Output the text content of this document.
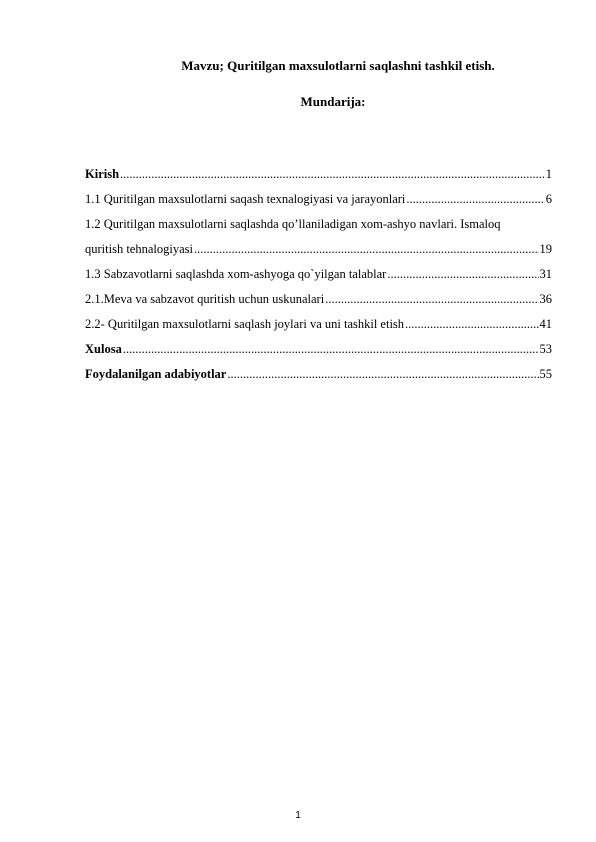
Mavzu; Quritilgan maxsulotlarni saqlashni tashkil etish.
Mundarija:
Kirish .....	1
1.1 Quritilgan maxsulotlarni saqash texnalogiyasi va jarayonlari .....	6
1.2 Quritilgan maxsulotlarni saqlashda qo’llaniladigan xom-ashyo navlari. Ismaloq
quritish tehnalogiyasi .....	19
1.3 Sabzavotlarni saqlashda xom-ashyoga qo`yilgan talablar .....	31
2.1.Meva va sabzavot quritish uchun uskunalari .....	36
2.2- Quritilgan maxsulotlarni saqlash joylari va uni tashkil etish .....	41
Xulosa .....	53
Foydalanilgan adabiyotlar .....	55
1
